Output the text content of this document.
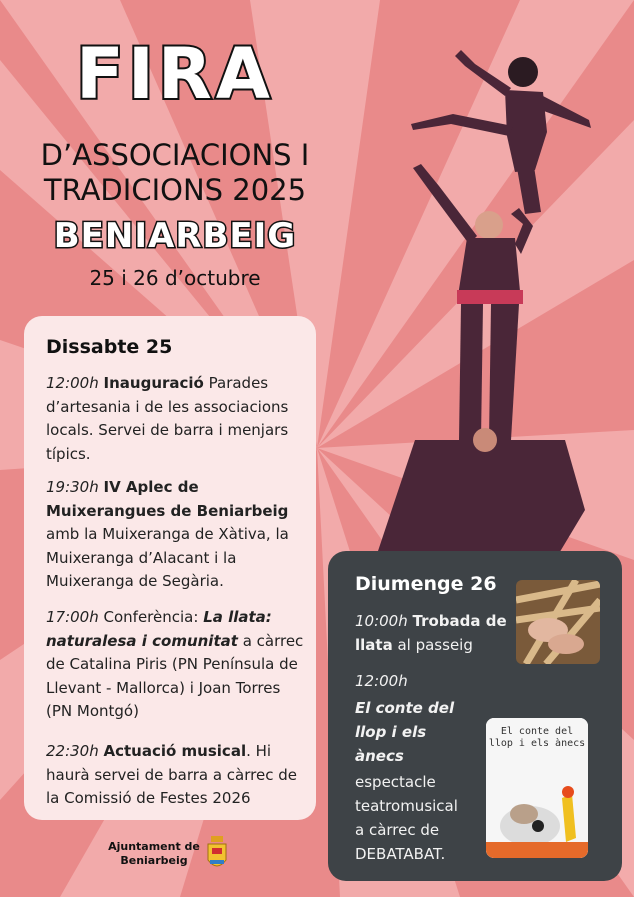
FIRA
D’ASSOCIACIONS I
TRADICIONS 2025
BENIARBEIG
25 i 26 d’octubre
Dissabte 25
12:00h Inauguració Parades d’artesania i de les associacions locals. Servei de barra i menjars típics.
19:30h IV Aplec de Muixerangues de Beniarbeig amb la Muixeranga de Xàtiva, la Muixeranga d’Alacant i la Muixeranga de Segària.
17:00h Conferència: La llata: naturalesa i comunitat a càrrec de Catalina Piris (PN Península de Llevant - Mallorca) i Joan Torres (PN Montgó)
22:30h Actuació musical. Hi haurà servei de barra a càrrec de la Comissió de Festes 2026
Diumenge 26
10:00h Trobada de
llata al passeig
12:00h
El conte del
llop i els
ànecs
espectacle
teatromusical
a càrrec de
DEBATABAT.
El conte del llop i els ànecs
Ajuntament de
Beniarbeig
